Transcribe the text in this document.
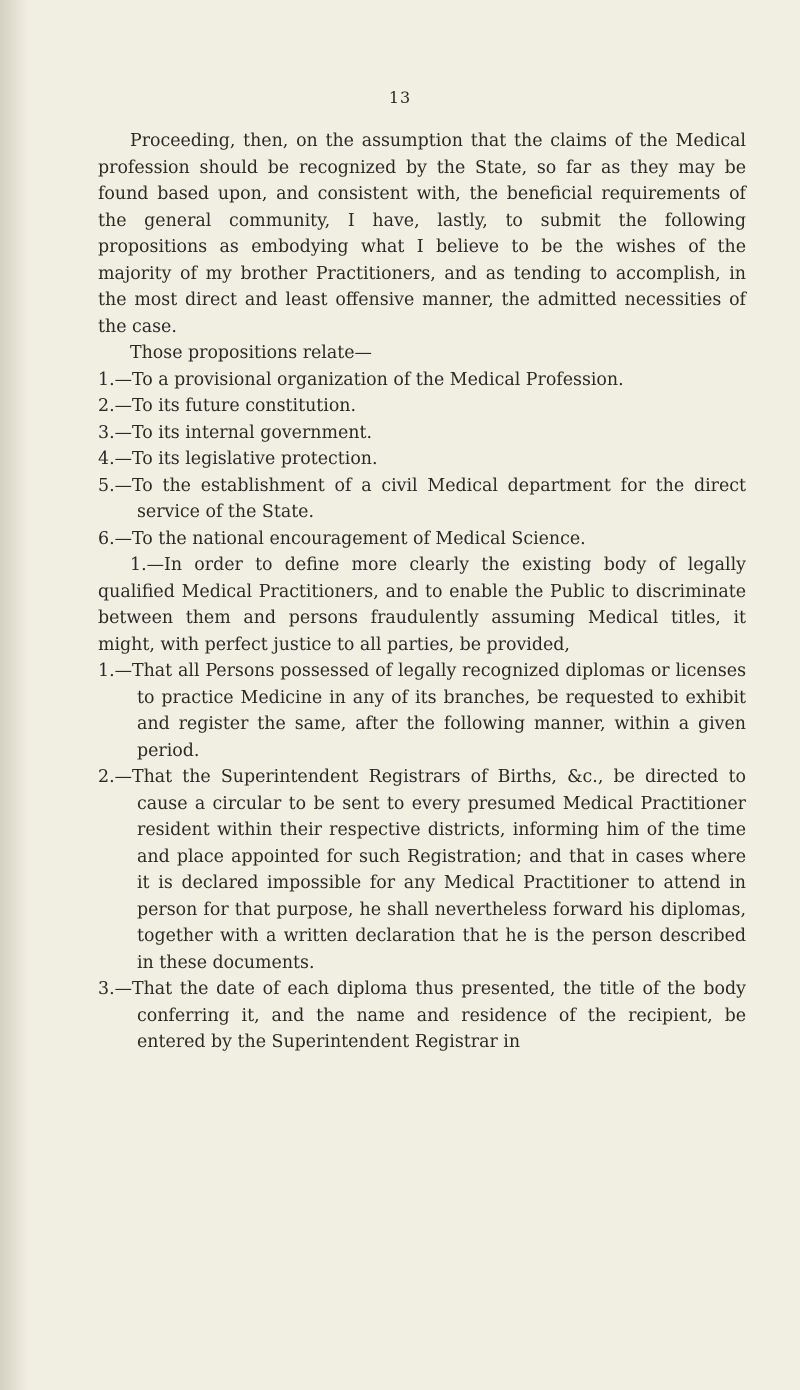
13

Proceeding, then, on the assumption that the claims of the Medical profession should be recognized by the State, so far as they may be found based upon, and consistent with, the beneficial requirements of the general community, I have, lastly, to submit the following propositions as embodying what I believe to be the wishes of the majority of my brother Practitioners, and as tending to accomplish, in the most direct and least offensive manner, the admitted necessities of the case.

Those propositions relate—

1.—To a provisional organization of the Medical Profession.

2.—To its future constitution.

3.—To its internal government.

4.—To its legislative protection.

5.—To the establishment of a civil Medical department for the direct service of the State.

6.—To the national encouragement of Medical Science.

1.—In order to define more clearly the existing body of legally qualified Medical Practitioners, and to enable the Public to discriminate between them and persons fraudulently assuming Medical titles, it might, with perfect justice to all parties, be provided,

1.—That all Persons possessed of legally recognized diplomas or licenses to practice Medicine in any of its branches, be requested to exhibit and register the same, after the following manner, within a given period.

2.—That the Superintendent Registrars of Births, &c., be directed to cause a circular to be sent to every presumed Medical Practitioner resident within their respective districts, informing him of the time and place appointed for such Registration; and that in cases where it is declared impossible for any Medical Practitioner to attend in person for that purpose, he shall nevertheless forward his diplomas, together with a written declaration that he is the person described in these documents.

3.—That the date of each diploma thus presented, the title of the body conferring it, and the name and residence of the recipient, be entered by the Superintendent Registrar in
